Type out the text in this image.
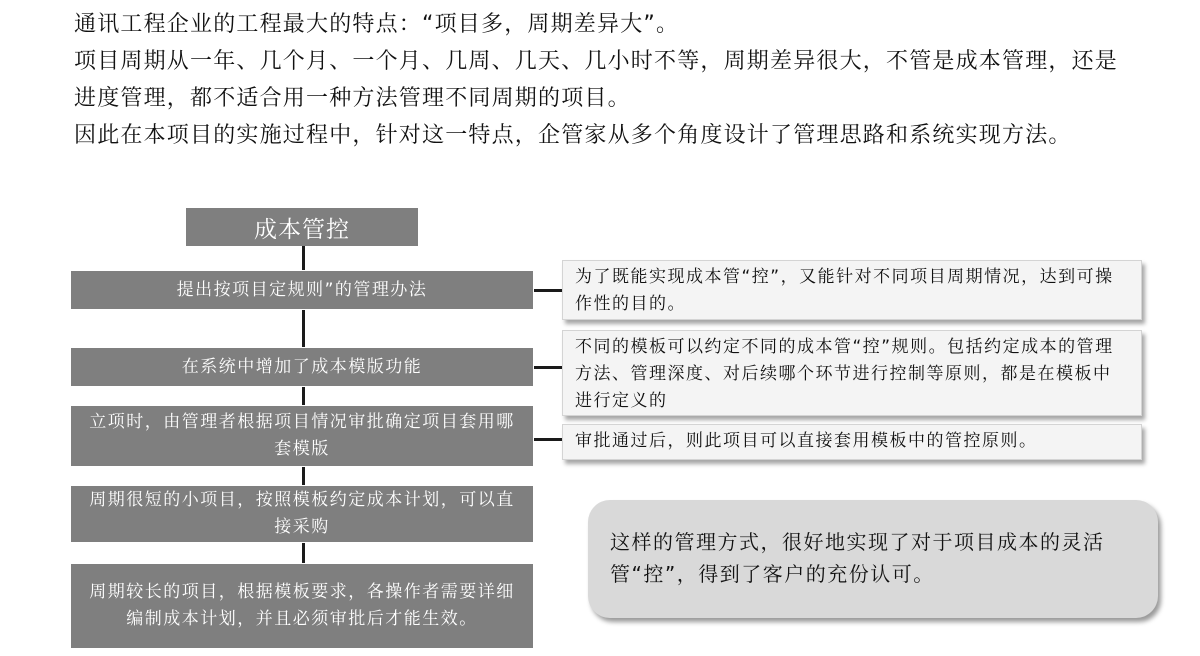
通讯工程企业的工程最大的特点：“项目多，周期差异大”。

项目周期从一年、几个月、一个月、几周、几天、几小时不等，周期差异很大，不管是成本管理，还是进度管理，都不适合用一种方法管理不同周期的项目。

因此在本项目的实施过程中，针对这一特点，企管家从多个角度设计了管理思路和系统实现方法。

成本管控
提出按项目定规则”的管理办法
在系统中增加了成本模版功能
立项时，由管理者根据项目情况审批确定项目套用哪套模版
周期很短的小项目，按照模板约定成本计划，可以直接采购
周期较长的项目，根据模板要求，各操作者需要详细编制成本计划，并且必须审批后才能生效。
为了既能实现成本管“控”，又能针对不同项目周期情况，达到可操作性的目的。
不同的模板可以约定不同的成本管“控”规则。包括约定成本的管理方法、管理深度、对后续哪个环节进行控制等原则，都是在模板中进行定义的
审批通过后，则此项目可以直接套用模板中的管控原则。
这样的管理方式，很好地实现了对于项目成本的灵活管“控”，得到了客户的充份认可。
